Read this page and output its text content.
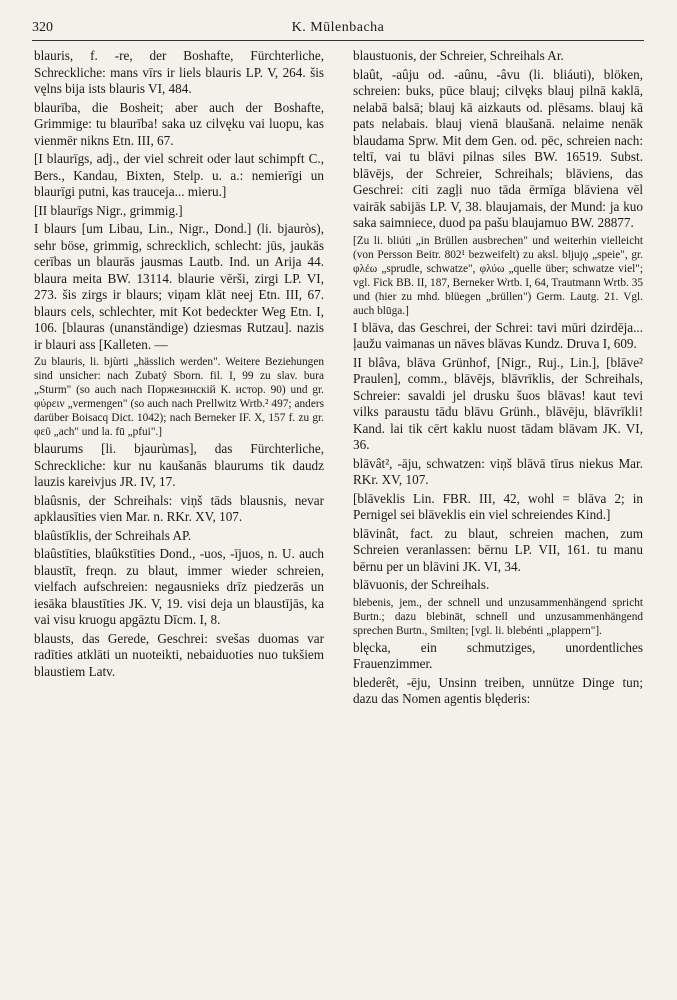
320	K. Mūlenbacha

blauris, f. -re, der Boshafte, Fürchterliche, Schreckliche: mans vīrs ir liels blauris LP. V, 264. šis vęlns bija ists blauris VI, 484.

blaurība, die Bosheit; aber auch der Boshafte, Grimmige: tu blaurība! saka uz cilvęku vai luopu, kas vienmēr nikns Etn. III, 67.

[I blaurīgs, adj., der viel schreit oder laut schimpft C., Bers., Kandau, Bixten, Stelp. u. a.: nemierīgi un blaurīgi putni, kas trauceja... mieru.]

[II blaurīgs Nigr., grimmig.]

I blaurs [um Libau, Lin., Nigr., Dond.] (li. bjauròs), sehr böse, grimmig, schrecklich, schlecht: jūs, jaukās cerības un blaurās jausmas Lautb. Ind. un Arija 44. blaura meita BW. 13114. blaurie vērši, zirgi LP. VI, 273. šis zirgs ir blaurs; viņam klāt neej Etn. III, 67. blaurs cels, schlechter, mit Kot bedeckter Weg Etn. I, 106. [blauras (unanständige) dziesmas Rutzau]. nazis ir blauri ass [Kalleten. —

Zu blauris, li. bjùrti „hässlich werden". Weitere Beziehungen sind unsicher: nach Zubatý Sborn. fil. I, 99 zu slav. bura „Sturm" (so auch nach Поржезинскій К. истор. 90) und gr. φύρειν „vermengen" (so auch nach Prellwitz Wrtb.² 497; anders darüber Boisacq Dict. 1042); nach Berneker IF. X, 157 f. zu gr. φεῦ „ach" und la. fū „pfui".]

blaurums [li. bjaurùmas], das Fürchterliche, Schreckliche: kur nu kaušanās blaurums tik daudz lauzis kareivjus JR. IV, 17.

blaûsnis, der Schreihals: viņš tāds blausnis, nevar apklausīties vien Mar. n. RKr. XV, 107.

blaûstīklis, der Schreihals AP.

blaûstīties, blaûkstīties Dond., -uos, -ījuos, n. U. auch blaustīt, freqn. zu blaut, immer wieder schreien, vielfach aufschreien: negausnieks drīz piedzerās un iesāka blaustīties JK. V, 19. visi deja un blaustījās, ka vai visu kruogu apgāztu Dīcm. I, 8.

blausts, das Gerede, Geschrei: svešas duomas var radīties atklāti un nuoteikti, nebaiduoties nuo tukšiem blaustiem Latv.

blaustuonis, der Schreier, Schreihals Ar.

blaût, -aûju od. -aûnu, -âvu (li. bliáuti), blöken, schreien: buks, pūce blauj; cilvęks blauj pilnā kaklā, nelabā balsā; blauj kā aizkauts od. plēsams. blauj kā pats nelabais. blauj vienā blaušanā. nelaime nenāk blaudama Sprw. Mit dem Gen. od. pēc, schreien nach: teltī, vai tu blāvi pilnas siles BW. 16519. Subst. blāvējs, der Schreier, Schreihals; blāviens, das Geschrei: citi zagļi nuo tāda ērmīga blāviena vēl vairāk sabijās LP. V, 38. blaujamais, der Mund: ja kuo saka saimniece, duod pa pašu blaujamuo BW. 28877.

[Zu li. bliúti „in Brüllen ausbrechen" und weiterhin vielleicht (von Persson Beitr. 802¹ bezweifelt) zu aksl. bljujǫ „speie", gr. φλέω „sprudle, schwatze", φλύω „quelle über; schwatze viel"; vgl. Fick BB. II, 187, Berneker Wrtb. I, 64, Trautmann Wrtb. 35 und (hier zu mhd. blüegen „brüllen") Germ. Lautg. 21. Vgl. auch blūga.]

I blāva, das Geschrei, der Schrei: tavi mūri dzirdēja... ļaužu vaimanas un nāves blāvas Kundz. Druva I, 609.

II blâva, blāva Grünhof, [Nigr., Ruj., Lin.], [blāve² Praulen], comm., blāvējs, blāvrīklis, der Schreihals, Schreier: savaldi jel drusku šuos blāvas! kaut tevi vilks paraustu tādu blāvu Grünh., blāvēju, blāvrīkli! Kand. lai tik cērt kaklu nuost tādam blāvam JK. VI, 36.

blāvât², -āju, schwatzen: viņš blāvā tīrus niekus Mar. RKr. XV, 107.

[blāveklis Lin. FBR. III, 42, wohl = blāva 2; in Pernigel sei blāveklis ein viel schreiendes Kind.]

blāvinât, fact. zu blaut, schreien machen, zum Schreien veranlassen: bērnu LP. VII, 161. tu manu bērnu per un blāvini JK. VI, 34.

blāvuonis, der Schreihals.

blebenis, jem., der schnell und unzusammenhängend spricht Burtn.; dazu blebināt, schnell und unzusammenhängend sprechen Burtn., Smilten; [vgl. li. blebénti „plappern"].

blęcka, ein schmutziges, unordentliches Frauenzimmer.

blederêt, -ēju, Unsinn treiben, unnütze Dinge tun; dazu das Nomen agentis blęderis:
